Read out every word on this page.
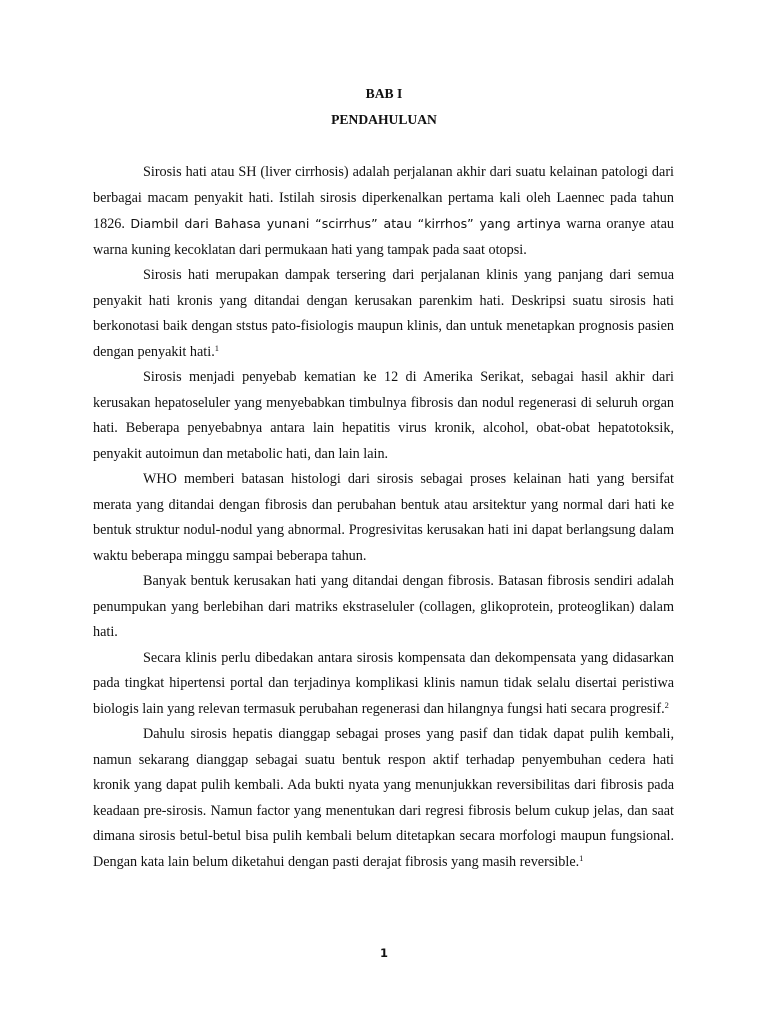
BAB I
PENDAHULUAN

Sirosis hati atau SH (liver cirrhosis) adalah perjalanan akhir dari suatu kelainan patologi dari berbagai macam penyakit hati. Istilah sirosis diperkenalkan pertama kali oleh Laennec pada tahun 1826. Diambil dari Bahasa yunani “scirrhus” atau “kirrhos” yang artinya warna oranye atau warna kuning kecoklatan dari permukaan hati yang tampak pada saat otopsi.

Sirosis hati merupakan dampak tersering dari perjalanan klinis yang panjang dari semua penyakit hati kronis yang ditandai dengan kerusakan parenkim hati. Deskripsi suatu sirosis hati berkonotasi baik dengan ststus pato-fisiologis maupun klinis, dan untuk menetapkan prognosis pasien dengan penyakit hati.$^1$

Sirosis menjadi penyebab kematian ke 12 di Amerika Serikat, sebagai hasil akhir dari kerusakan hepatoseluler yang menyebabkan timbulnya fibrosis dan nodul regenerasi di seluruh organ hati. Beberapa penyebabnya antara lain hepatitis virus kronik, alcohol, obat-obat hepatotoksik, penyakit autoimun dan metabolic hati, dan lain lain.

WHO memberi batasan histologi dari sirosis sebagai proses kelainan hati yang bersifat merata yang ditandai dengan fibrosis dan perubahan bentuk atau arsitektur yang normal dari hati ke bentuk struktur nodul-nodul yang abnormal. Progresivitas kerusakan hati ini dapat berlangsung dalam waktu beberapa minggu sampai beberapa tahun.

Banyak bentuk kerusakan hati yang ditandai dengan fibrosis. Batasan fibrosis sendiri adalah penumpukan yang berlebihan dari matriks ekstraseluler (collagen, glikoprotein, proteoglikan) dalam hati.

Secara klinis perlu dibedakan antara sirosis kompensata dan dekompensata yang didasarkan pada tingkat hipertensi portal dan terjadinya komplikasi klinis namun tidak selalu disertai peristiwa biologis lain yang relevan termasuk perubahan regenerasi dan hilangnya fungsi hati secara progresif.$^2$

Dahulu sirosis hepatis dianggap sebagai proses yang pasif dan tidak dapat pulih kembali, namun sekarang dianggap sebagai suatu bentuk respon aktif terhadap penyembuhan cedera hati kronik yang dapat pulih kembali. Ada bukti nyata yang menunjukkan reversibilitas dari fibrosis pada keadaan pre-sirosis. Namun factor yang menentukan dari regresi fibrosis belum cukup jelas, dan saat dimana sirosis betul-betul bisa pulih kembali belum ditetapkan secara morfologi maupun fungsional. Dengan kata lain belum diketahui dengan pasti derajat fibrosis yang masih reversible.$^1$

1
